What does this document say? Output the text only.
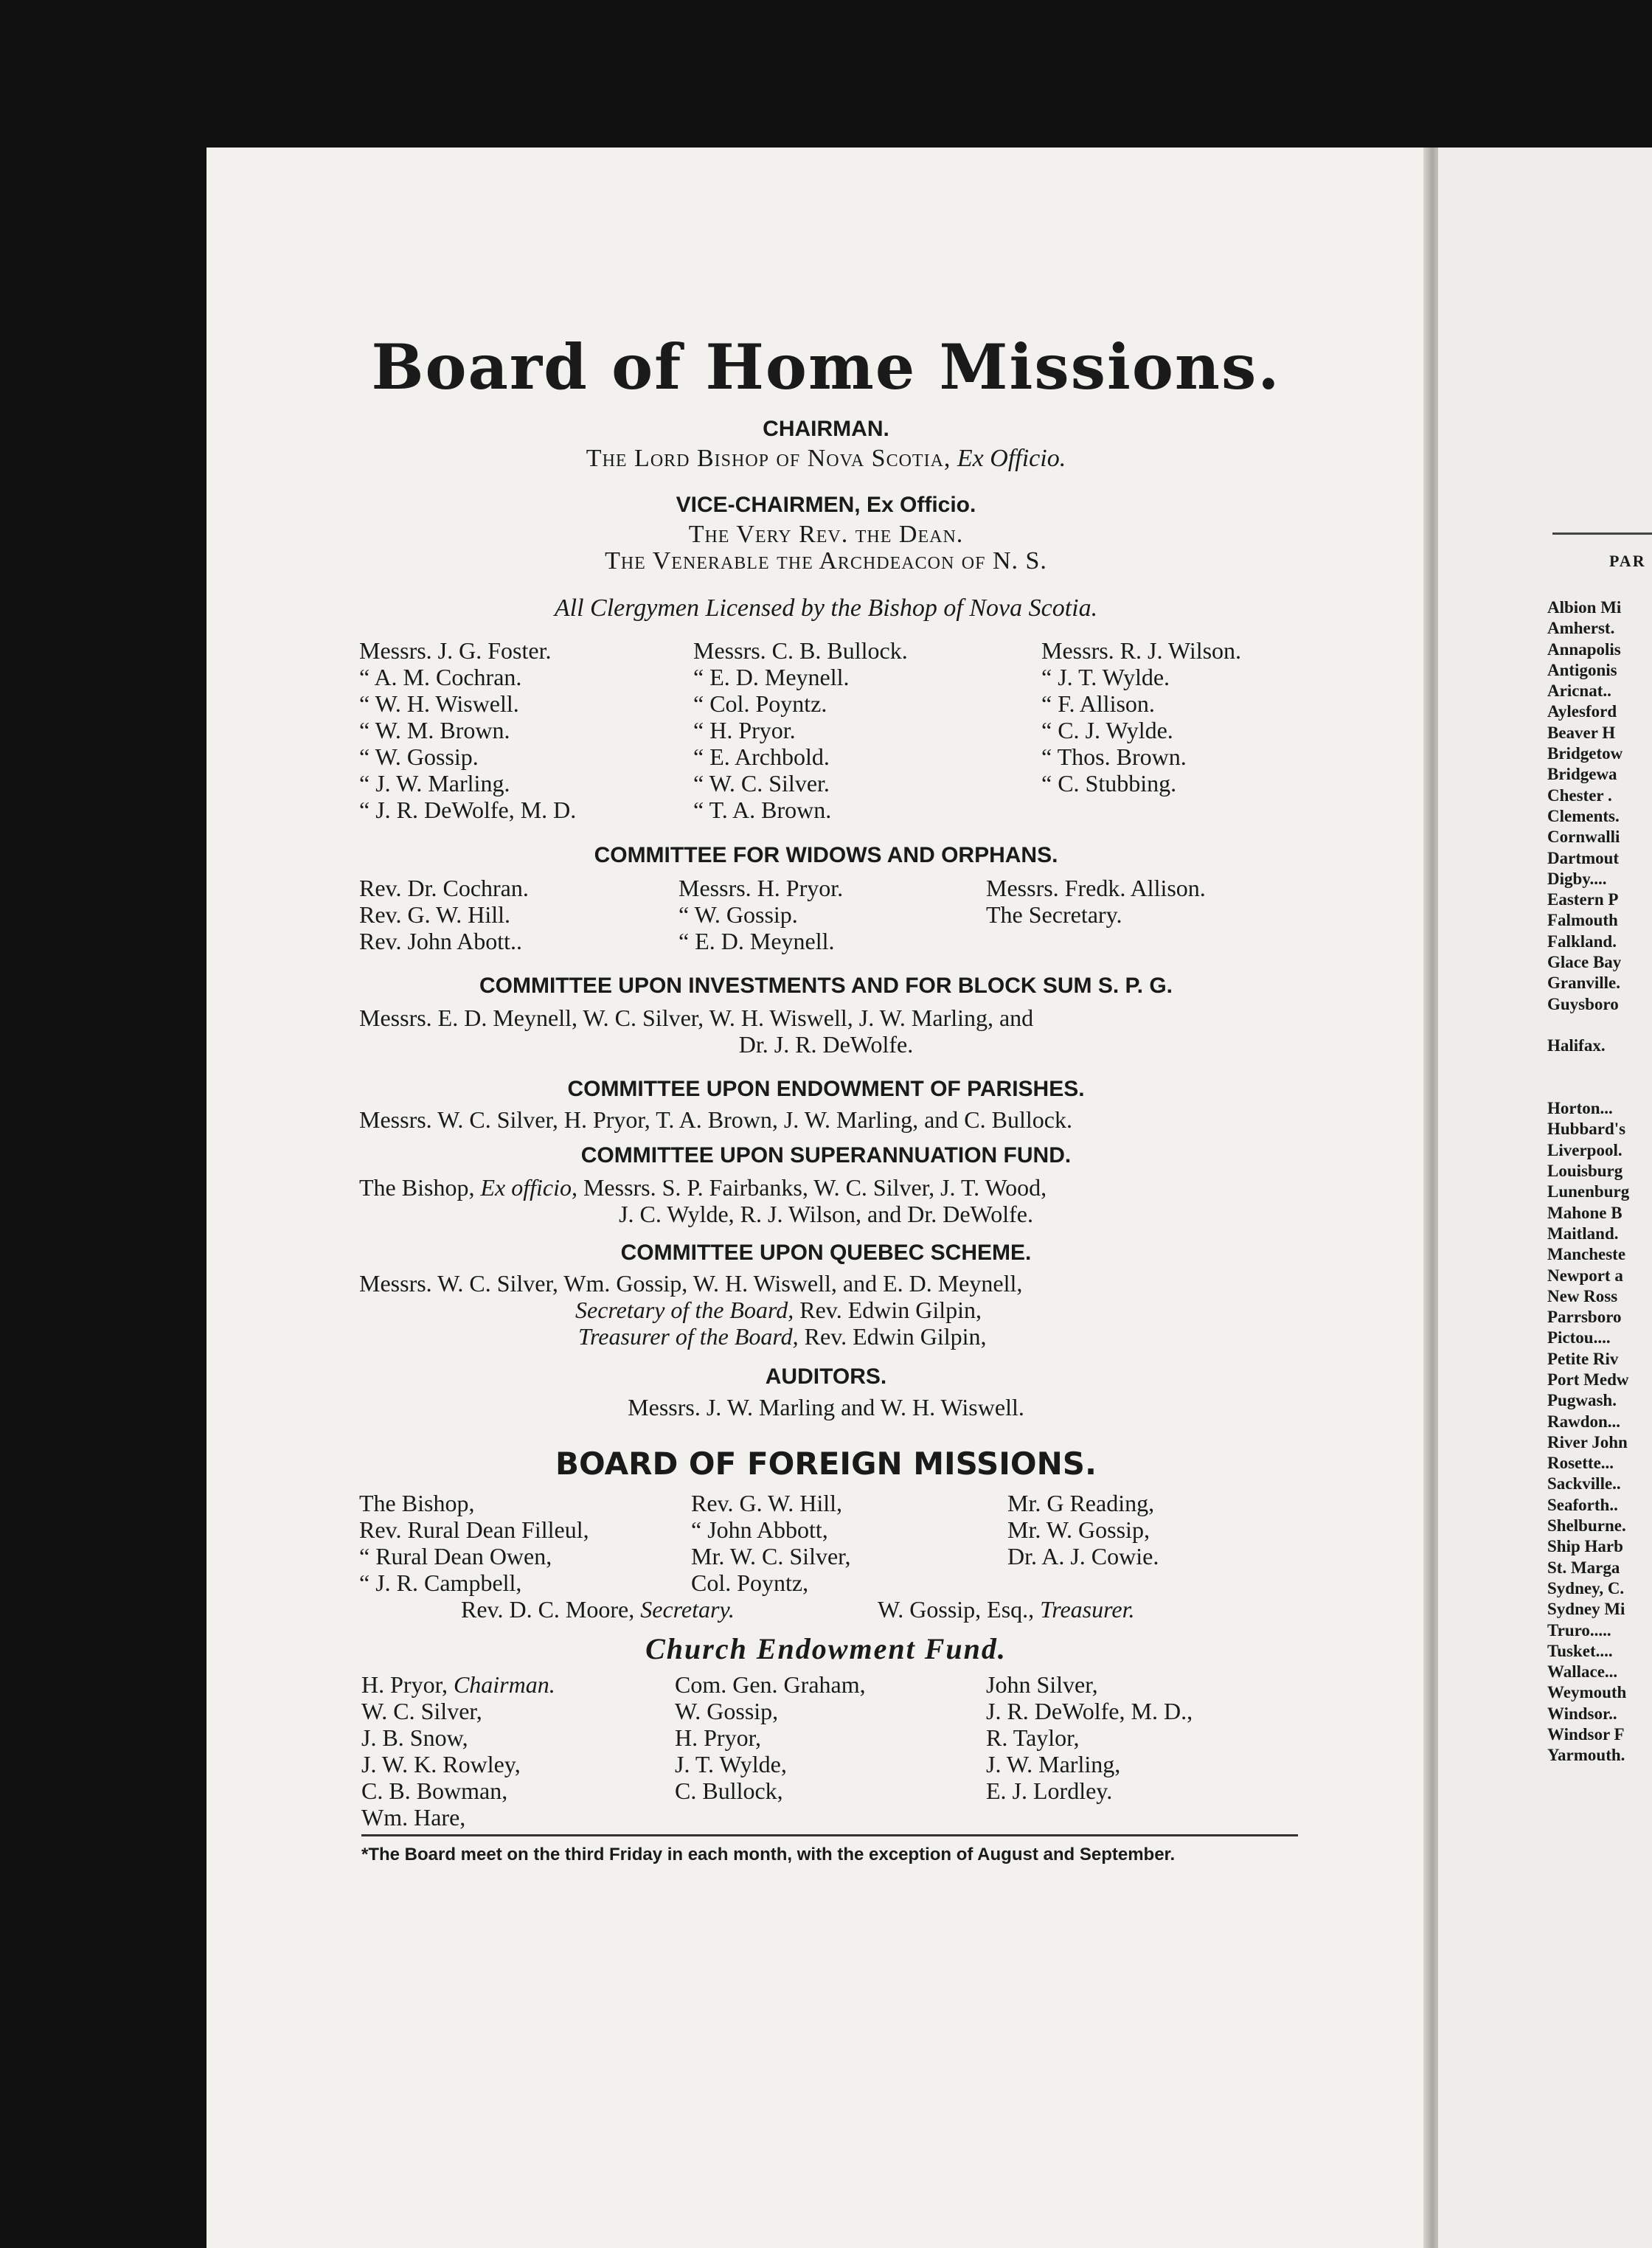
Board of Home Missions.
CHAIRMAN.
The Lord Bishop of Nova Scotia, Ex Officio.
VICE-CHAIRMEN, Ex Officio.
The Very Rev. the Dean.
The Venerable the Archdeacon of N. S.
All Clergymen Licensed by the Bishop of Nova Scotia.
Messrs. J. G. Foster.
“ A. M. Cochran.
“ W. H. Wiswell.
“ W. M. Brown.
“ W. Gossip.
“ J. W. Marling.
“ J. R. DeWolfe, M. D.
Messrs. C. B. Bullock.
“ E. D. Meynell.
“ Col. Poyntz.
“ H. Pryor.
“ E. Archbold.
“ W. C. Silver.
“ T. A. Brown.
Messrs. R. J. Wilson.
“ J. T. Wylde.
“ F. Allison.
“ C. J. Wylde.
“ Thos. Brown.
“ C. Stubbing.
COMMITTEE FOR WIDOWS AND ORPHANS.
Rev. Dr. Cochran.
Rev. G. W. Hill.
Rev. John Abott..
Messrs. H. Pryor.
“ W. Gossip.
“ E. D. Meynell.
Messrs. Fredk. Allison.
The Secretary.
COMMITTEE UPON INVESTMENTS AND FOR BLOCK SUM S. P. G.
Messrs. E. D. Meynell, W. C. Silver, W. H. Wiswell, J. W. Marling, and
Dr. J. R. DeWolfe.
COMMITTEE UPON ENDOWMENT OF PARISHES.
Messrs. W. C. Silver, H. Pryor, T. A. Brown, J. W. Marling, and C. Bullock.
COMMITTEE UPON SUPERANNUATION FUND.
The Bishop, Ex officio, Messrs. S. P. Fairbanks, W. C. Silver, J. T. Wood,
J. C. Wylde, R. J. Wilson, and Dr. DeWolfe.
COMMITTEE UPON QUEBEC SCHEME.
Messrs. W. C. Silver, Wm. Gossip, W. H. Wiswell, and E. D. Meynell,
Secretary of the Board, Rev. Edwin Gilpin,
Treasurer of the Board, Rev. Edwin Gilpin,
AUDITORS.
Messrs. J. W. Marling and W. H. Wiswell.
BOARD OF FOREIGN MISSIONS.
The Bishop,
Rev. Rural Dean Filleul,
“ Rural Dean Owen,
“ J. R. Campbell,
Rev. G. W. Hill,
“ John Abbott,
Mr. W. C. Silver,
Col. Poyntz,
Mr. G Reading,
Mr. W. Gossip,
Dr. A. J. Cowie.
Rev. D. C. Moore, Secretary.	W. Gossip, Esq., Treasurer.
Church Endowment Fund.
H. Pryor, Chairman.
W. C. Silver,
J. B. Snow,
J. W. K. Rowley,
C. B. Bowman,
Wm. Hare,
Com. Gen. Graham,
W. Gossip,
H. Pryor,
J. T. Wylde,
C. Bullock,
John Silver,
J. R. DeWolfe, M. D.,
R. Taylor,
J. W. Marling,
E. J. Lordley.
*The Board meet on the third Friday in each month, with the exception of August and September.
PAR
Albion Mi
Amherst.
Annapolis
Antigonis
Aricnat..
Aylesford
Beaver H
Bridgetow
Bridgewa
Chester .
Clements.
Cornwalli
Dartmout
Digby....
Eastern P
Falmouth
Falkland.
Glace Bay
Granville.
Guysboro
Halifax.
Horton...
Hubbard's
Liverpool.
Louisburg
Lunenburg
Mahone B
Maitland.
Mancheste
Newport a
New Ross
Parrsboro
Pictou....
Petite Riv
Port Medw
Pugwash.
Rawdon...
River John
Rosette...
Sackville..
Seaforth..
Shelburne.
Ship Harb
St. Marga
Sydney, C.
Sydney Mi
Truro.....
Tusket....
Wallace...
Weymouth
Windsor..
Windsor F
Yarmouth.
